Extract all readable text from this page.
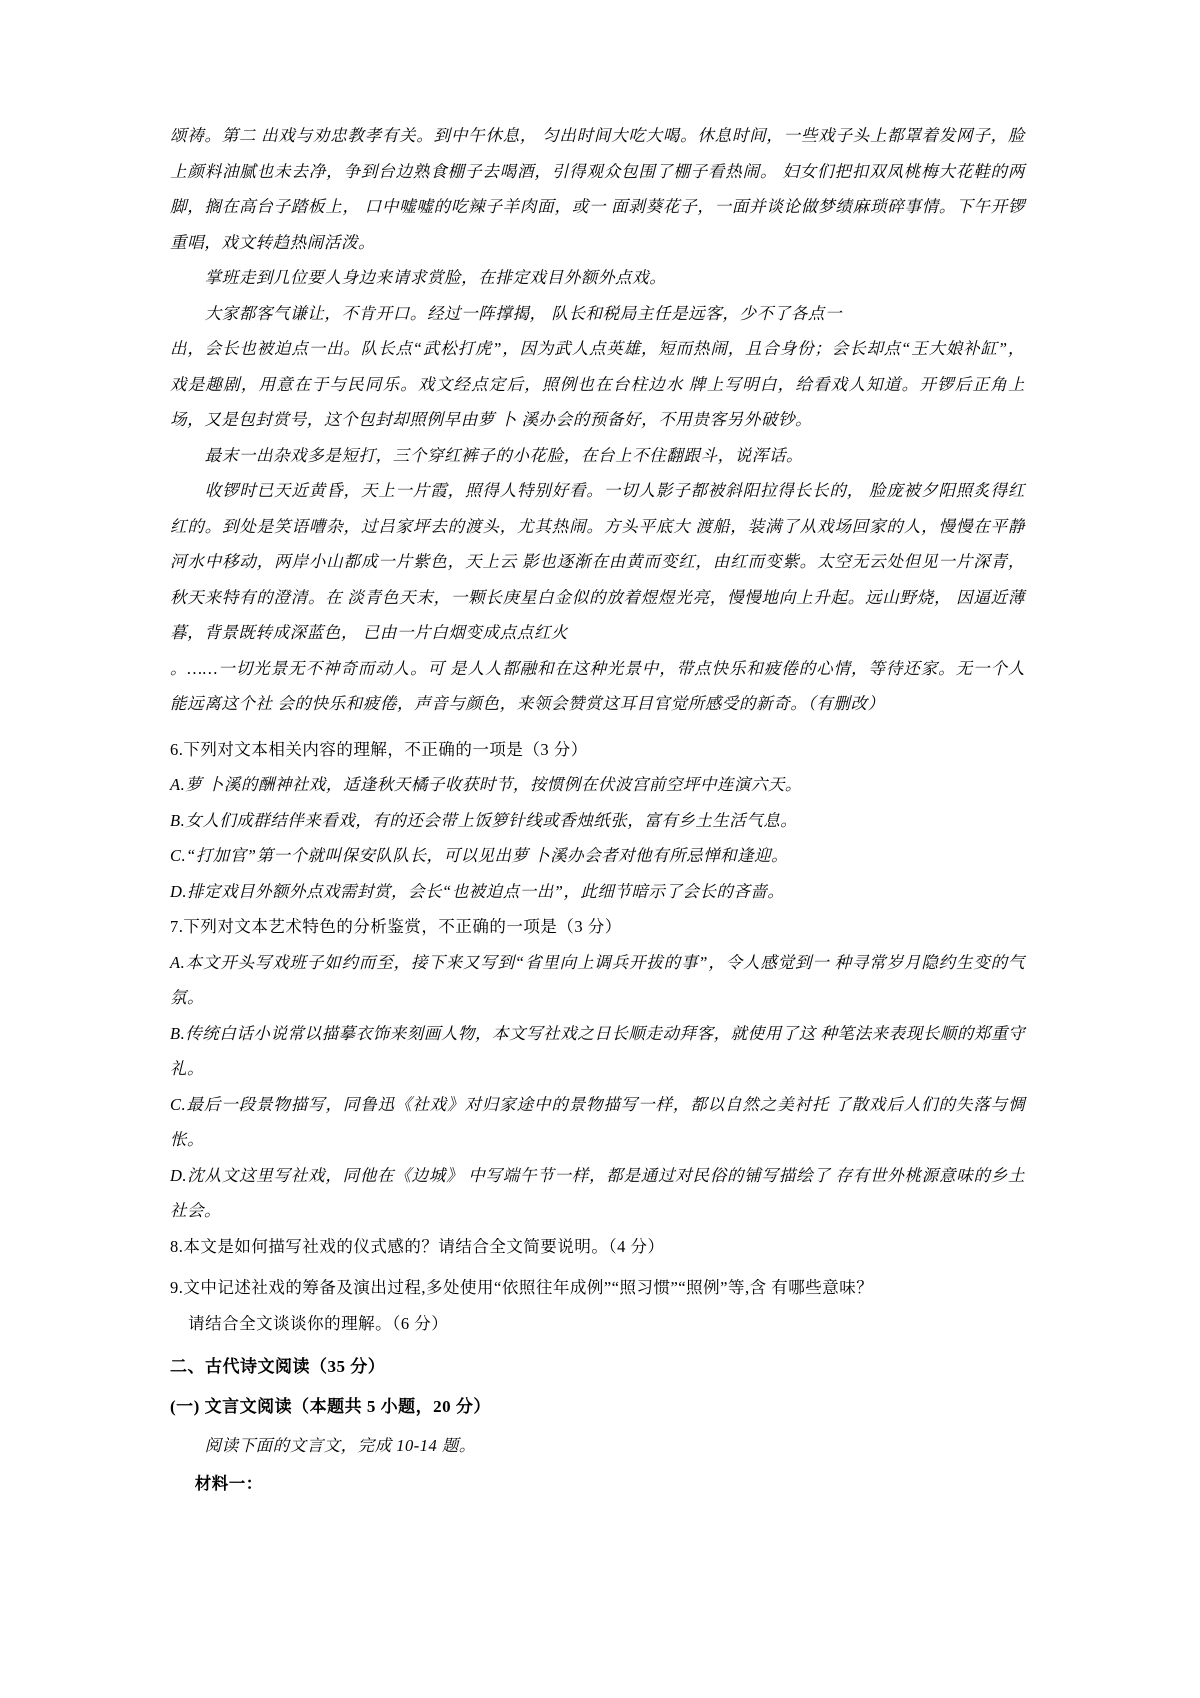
颂祷。第二 出戏与劝忠教孝有关。到中午休息， 匀出时间大吃大喝。休息时间，一些戏子头上都罩着发网子，脸上颜料油腻也未去净，争到台边熟食棚子去喝酒，引得观众包围了棚子看热闹。 妇女们把扣双凤桃梅大花鞋的两脚，搁在高台子踏板上， 口中嘘嘘的吃辣子羊肉面，或一 面剥葵花子，一面并谈论做梦绩麻琐碎事情。下午开锣重唱，戏文转趋热闹活泼。

掌班走到几位要人身边来请求赏脸，在排定戏目外额外点戏。

大家都客气谦让，不肯开口。经过一阵撑揭， 队长和税局主任是远客，少不了各点一

出，会长也被迫点一出。队长点“武松打虎”，因为武人点英雄，短而热闹，且合身份；会长却点“王大娘补缸”，戏是趣剧，用意在于与民同乐。戏文经点定后，照例也在台柱边水 牌上写明白，给看戏人知道。开锣后正角上场，又是包封赏号，这个包封却照例早由萝 卜 溪办会的预备好，不用贵客另外破钞。

最末一出杂戏多是短打，三个穿红裤子的小花脸，在台上不住翻跟斗，说浑话。

收锣时已天近黄昏，天上一片霞，照得人特别好看。一切人影子都被斜阳拉得长长的， 脸庞被夕阳照炙得红红的。到处是笑语嘈杂，过吕家坪去的渡头，尤其热闹。方头平底大 渡船，装满了从戏场回家的人，慢慢在平静河水中移动，两岸小山都成一片紫色，天上云 影也逐渐在由黄而变红，由红而变紫。太空无云处但见一片深青，秋天来特有的澄清。在 淡青色天末，一颗长庚星白金似的放着煜煜光亮，慢慢地向上升起。远山野烧， 因逼近薄 暮，背景既转成深蓝色， 已由一片白烟变成点点红火

。……一切光景无不神奇而动人。可 是人人都融和在这种光景中，带点快乐和疲倦的心情，等待还家。无一个人能远离这个社 会的快乐和疲倦，声音与颜色，来领会赞赏这耳目官觉所感受的新奇。（有删改）

6.下列对文本相关内容的理解，不正确的一项是（3 分）

A.萝 卜溪的酬神社戏，适逢秋天橘子收获时节，按惯例在伏波宫前空坪中连演六天。

B.女人们成群结伴来看戏，有的还会带上饭箩针线或香烛纸张，富有乡土生活气息。

C.“打加官”第一个就叫保安队队长，可以见出萝 卜溪办会者对他有所忌惮和逢迎。

D.排定戏目外额外点戏需封赏，会长“也被迫点一出”，此细节暗示了会长的吝啬。

7.下列对文本艺术特色的分析鉴赏，不正确的一项是（3 分）

A.本文开头写戏班子如约而至，接下来又写到“省里向上调兵开拔的事”，令人感觉到一 种寻常岁月隐约生变的气氛。

B.传统白话小说常以描摹衣饰来刻画人物，本文写社戏之日长顺走动拜客，就使用了这 种笔法来表现长顺的郑重守礼。

C.最后一段景物描写，同鲁迅《社戏》对归家途中的景物描写一样，都以自然之美衬托 了散戏后人们的失落与惆怅。

D.沈从文这里写社戏，同他在《边城》 中写端午节一样，都是通过对民俗的铺写描绘了 存有世外桃源意味的乡土社会。

8.本文是如何描写社戏的仪式感的？请结合全文简要说明。（4 分）

9.文中记述社戏的筹备及演出过程,多处使用“依照往年成例”“照习惯”“照例”等,含 有哪些意味？

请结合全文谈谈你的理解。（6 分）

二、古代诗文阅读（35 分）
(一) 文言文阅读（本题共 5 小题，20 分）
阅读下面的文言文，完成 10-14 题。
材料一：
